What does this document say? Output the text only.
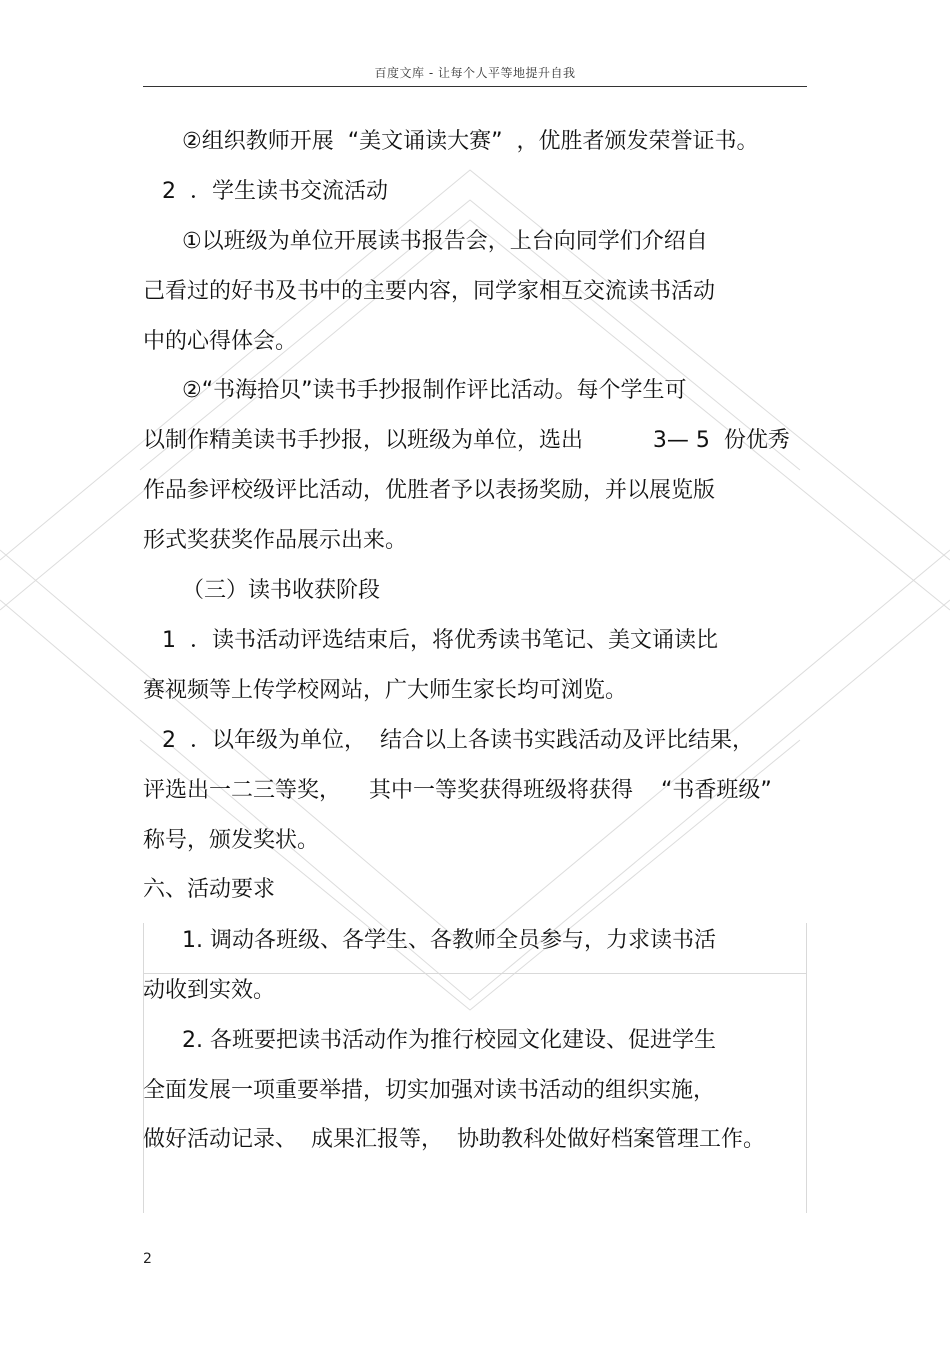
百度文库 - 让每个人平等地提升自我
②组织教师开展  “美文诵读大赛”  ，优胜者颁发荣誉证书。
2  ．学生读书交流活动
①以班级为单位开展读书报告会，上台向同学们介绍自
己看过的好书及书中的主要内容，同学家相互交流读书活动
中的心得体会。
②“书海拾贝”读书手抄报制作评比活动。每个学生可
以制作精美读书手抄报，以班级为单位，选出          3— 5  份优秀
作品参评校级评比活动，优胜者予以表扬奖励，并以展览版
形式奖获奖作品展示出来。
（三）读书收获阶段
1  ．读书活动评选结束后，将优秀读书笔记、美文诵读比
赛视频等上传学校网站，广大师生家长均可浏览。
2  ．以年级为单位，  结合以上各读书实践活动及评比结果，
评选出一二三等奖，    其中一等奖获得班级将获得    “书香班级”
称号，颁发奖状。
六、活动要求
1. 调动各班级、各学生、各教师全员参与，力求读书活
动收到实效。
2. 各班要把读书活动作为推行校园文化建设、促进学生
全面发展一项重要举措，切实加强对读书活动的组织实施，
做好活动记录、  成果汇报等，  协助教科处做好档案管理工作。
2
